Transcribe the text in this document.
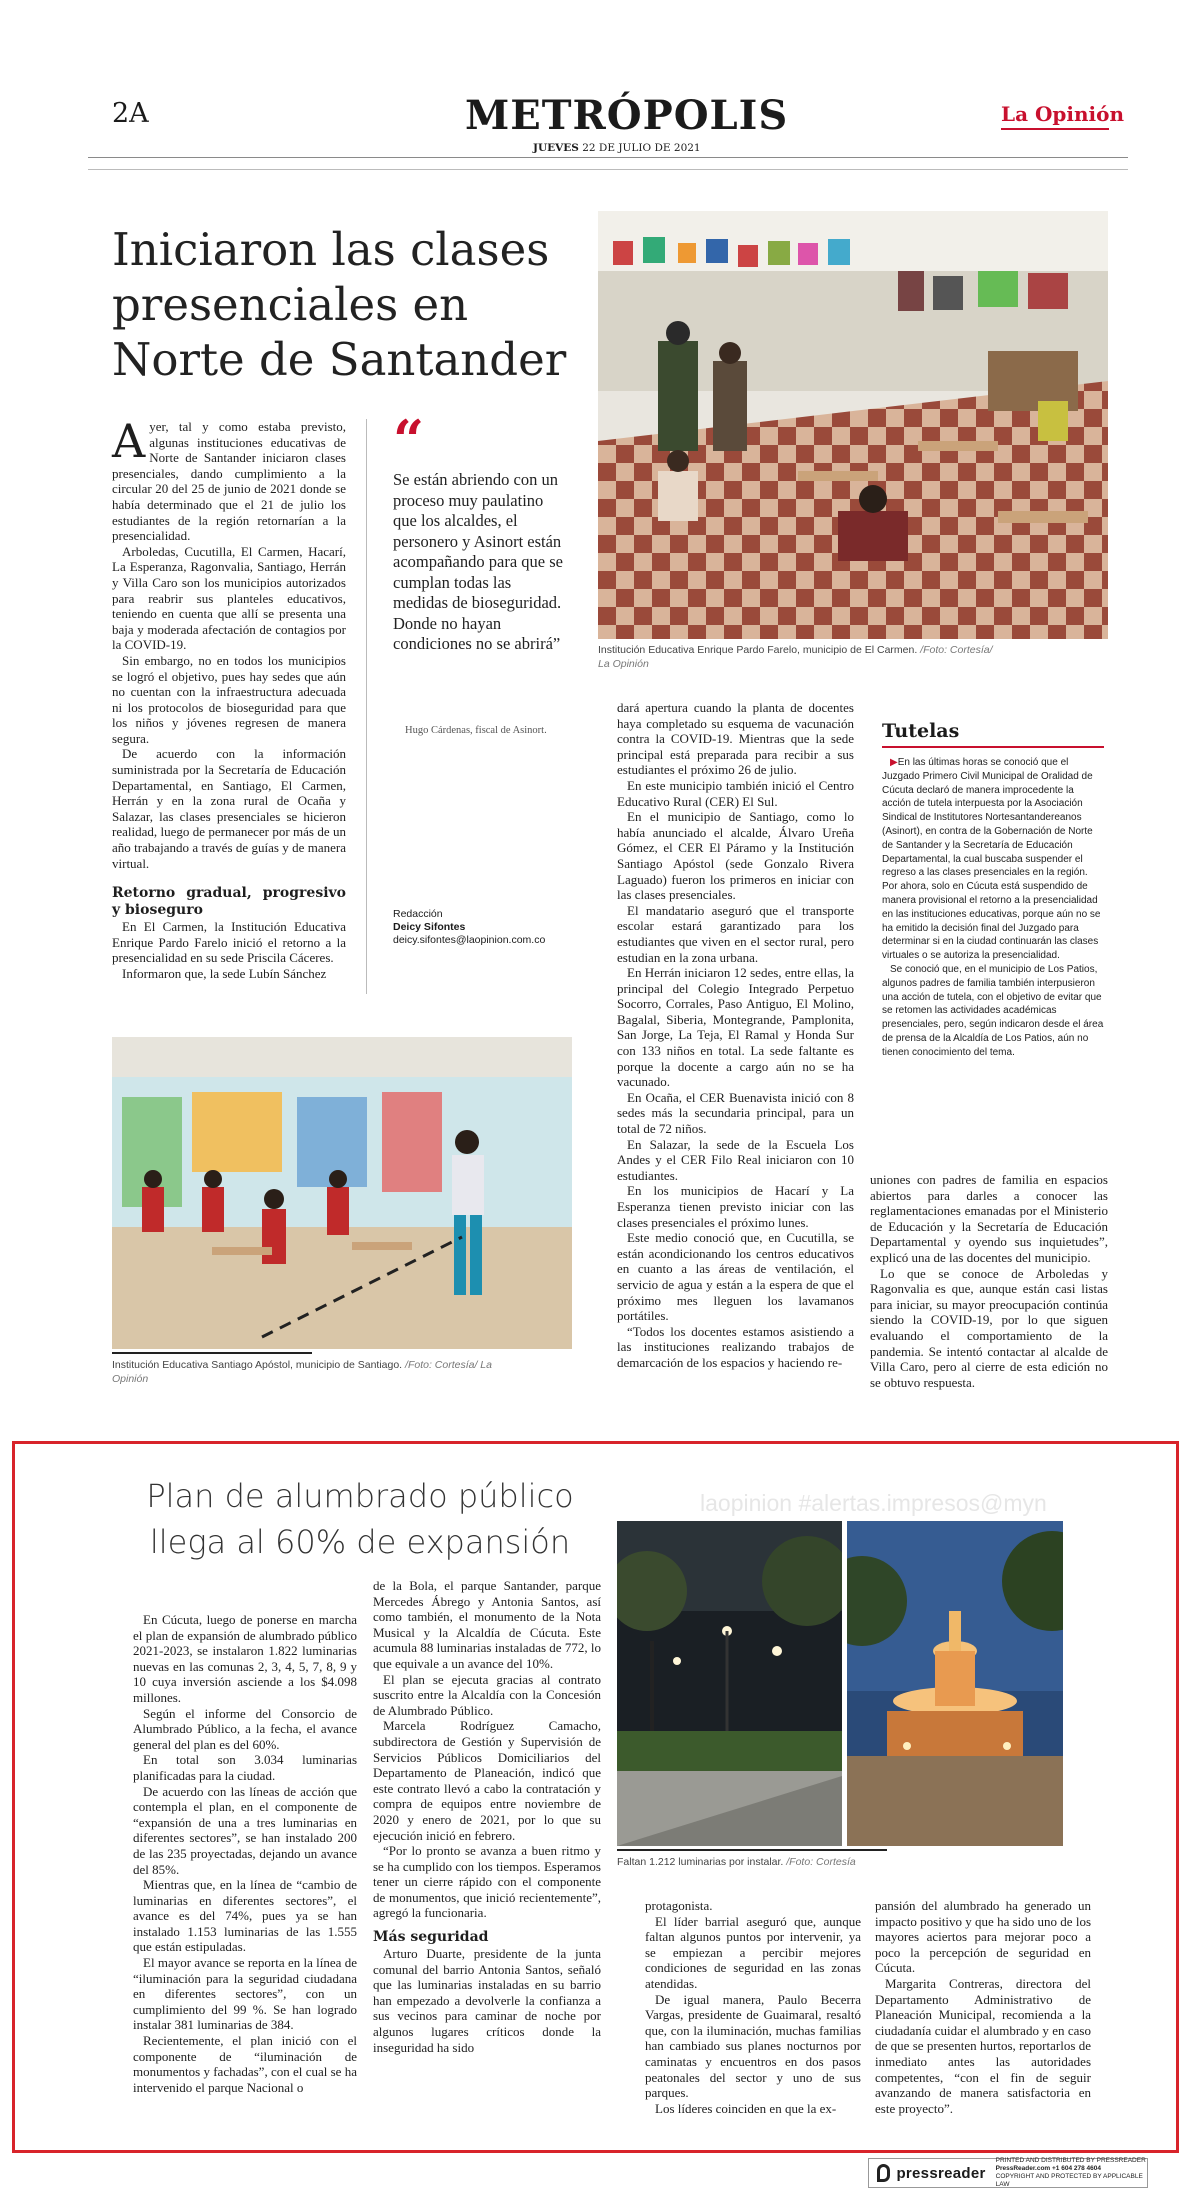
2A	METRÓPOLIS
JUEVES 22 DE JULIO DE 2021
La Opinión
Iniciaron las clases presenciales en Norte de Santander
Institución Educativa Enrique Pardo Farelo, municipio de El Carmen. /Foto: Cortesía/ La Opinión
A yer, tal y como estaba previsto, algunas instituciones educativas de Norte de Santander iniciaron clases presenciales, dando cumplimiento a la circular 20 del 25 de junio de 2021 donde se había determinado que el 21 de julio los estudiantes de la región retornarían a la presencialidad.

Arboledas, Cucutilla, El Carmen, Hacarí, La Esperanza, Ragonvalia, Santiago, Herrán y Villa Caro son los municipios autorizados para reabrir sus planteles educativos, teniendo en cuenta que allí se presenta una baja y moderada afectación de contagios por la COVID-19.

Sin embargo, no en todos los municipios se logró el objetivo, pues hay sedes que aún no cuentan con la infraestructura adecuada ni los protocolos de bioseguridad para que los niños y jóvenes regresen de manera segura.

De acuerdo con la información suministrada por la Secretaría de Educación Departamental, en Santiago, El Carmen, Herrán y en la zona rural de Ocaña y Salazar, las clases presenciales se hicieron realidad, luego de permanecer por más de un año trabajando a través de guías y de manera virtual.

Retorno gradual, progresivo y bioseguro

En El Carmen, la Institución Educativa Enrique Pardo Farelo inició el retorno a la presencialidad en su sede Priscila Cáceres.

Informaron que, la sede Lubín Sánchez

“
Se están abriendo con un proceso muy paulatino que los alcaldes, el personero y Asinort están acompañando para que se cumplan todas las medidas de bioseguridad. Donde no hayan condiciones no se abrirá”
Hugo Cárdenas, fiscal de Asinort.
Redacción
Deicy Sifontes
deicy.sifontes@laopinion.com.co
Institución Educativa Santiago Apóstol, municipio de Santiago. /Foto: Cortesía/ La Opinión

dará apertura cuando la planta de docentes haya completado su esquema de vacunación contra la COVID-19. Mientras que la sede principal está preparada para recibir a sus estudiantes el próximo 26 de julio.

En este municipio también inició el Centro Educativo Rural (CER) El Sul.

En el municipio de Santiago, como lo había anunciado el alcalde, Álvaro Ureña Gómez, el CER El Páramo y la Institución Santiago Apóstol (sede Gonzalo Rivera Laguado) fueron los primeros en iniciar con las clases presenciales.

El mandatario aseguró que el transporte escolar estará garantizado para los estudiantes que viven en el sector rural, pero estudian en la zona urbana.

En Herrán iniciaron 12 sedes, entre ellas, la principal del Colegio Integrado Perpetuo Socorro, Corrales, Paso Antiguo, El Molino, Bagalal, Siberia, Montegrande, Pamplonita, San Jorge, La Teja, El Ramal y Honda Sur con 133 niños en total. La sede faltante es porque la docente a cargo aún no se ha vacunado.

En Ocaña, el CER Buenavista inició con 8 sedes más la secundaria principal, para un total de 72 niños.

En Salazar, la sede de la Escuela Los Andes y el CER Filo Real iniciaron con 10 estudiantes.

En los municipios de Hacarí y La Esperanza tienen previsto iniciar con las clases presenciales el próximo lunes.

Este medio conoció que, en Cucutilla, se están acondicionando los centros educativos en cuanto a las áreas de ventilación, el servicio de agua y están a la espera de que el próximo mes lleguen los lavamanos portátiles.

“Todos los docentes estamos asistiendo a las instituciones realizando trabajos de demarcación de los espacios y haciendo re-

Tutelas

▶En las últimas horas se conoció que el Juzgado Primero Civil Municipal de Oralidad de Cúcuta declaró de manera improcedente la acción de tutela interpuesta por la Asociación Sindical de Institutores Nortesantandereanos (Asinort), en contra de la Gobernación de Norte de Santander y la Secretaría de Educación Departamental, la cual buscaba suspender el regreso a las clases presenciales en la región. Por ahora, solo en Cúcuta está suspendido de manera provisional el retorno a la presencialidad en las instituciones educativas, porque aún no se ha emitido la decisión final del Juzgado para determinar si en la ciudad continuarán las clases virtuales o se autoriza la presencialidad.

Se conoció que, en el municipio de Los Patios, algunos padres de familia también interpusieron una acción de tutela, con el objetivo de evitar que se retomen las actividades académicas presenciales, pero, según indicaron desde el área de prensa de la Alcaldía de Los Patios, aún no tienen conocimiento del tema.

uniones con padres de familia en espacios abiertos para darles a conocer las reglamentaciones emanadas por el Ministerio de Educación y la Secretaría de Educación Departamental y oyendo sus inquietudes”, explicó una de las docentes del municipio.

Lo que se conoce de Arboledas y Ragonvalia es que, aunque están casi listas para iniciar, su mayor preocupación continúa siendo la COVID-19, por lo que siguen evaluando el comportamiento de la pandemia. Se intentó contactar al alcalde de Villa Caro, pero al cierre de esta edición no se obtuvo respuesta.

laopinion #alertas.impresos@myn
Plan de alumbrado público
llega al 60% de expansión
Faltan 1.212 luminarias por instalar. /Foto: Cortesía

En Cúcuta, luego de ponerse en marcha el plan de expansión de alumbrado público 2021-2023, se instalaron 1.822 luminarias nuevas en las comunas 2, 3, 4, 5, 7, 8, 9 y 10 cuya inversión asciende a los $4.098 millones.

Según el informe del Consorcio de Alumbrado Público, a la fecha, el avance general del plan es del 60%.

En total son 3.034 luminarias planificadas para la ciudad.

De acuerdo con las líneas de acción que contempla el plan, en el componente de “expansión de una a tres luminarias en diferentes sectores”, se han instalado 200 de las 235 proyectadas, dejando un avance del 85%.

Mientras que, en la línea de “cambio de luminarias en diferentes sectores”, el avance es del 74%, pues ya se han instalado 1.153 luminarias de las 1.555 que están estipuladas.

El mayor avance se reporta en la línea de “iluminación para la seguridad ciudadana en diferentes sectores”, con un cumplimiento del 99 %. Se han logrado instalar 381 luminarias de 384.

Recientemente, el plan inició con el componente de “iluminación de monumentos y fachadas”, con el cual se ha intervenido el parque Nacional o

de la Bola, el parque Santander, parque Mercedes Ábrego y Antonia Santos, así como también, el monumento de la Nota Musical y la Alcaldía de Cúcuta. Este acumula 88 luminarias instaladas de 772, lo que equivale a un avance del 10%.

El plan se ejecuta gracias al contrato suscrito entre la Alcaldía con la Concesión de Alumbrado Público.

Marcela Rodríguez Camacho, subdirectora de Gestión y Supervisión de Servicios Públicos Domiciliarios del Departamento de Planeación, indicó que este contrato llevó a cabo la contratación y compra de equipos entre noviembre de 2020 y enero de 2021, por lo que su ejecución inició en febrero.

“Por lo pronto se avanza a buen ritmo y se ha cumplido con los tiempos. Esperamos tener un cierre rápido con el componente de monumentos, que inició recientemente”, agregó la funcionaria.

Más seguridad

Arturo Duarte, presidente de la junta comunal del barrio Antonia Santos, señaló que las luminarias instaladas en su barrio han empezado a devolverle la confianza a sus vecinos para caminar de noche por algunos lugares críticos donde la inseguridad ha sido

protagonista.

El líder barrial aseguró que, aunque faltan algunos puntos por intervenir, ya se empiezan a percibir mejores condiciones de seguridad en las zonas atendidas.

De igual manera, Paulo Becerra Vargas, presidente de Guaimaral, resaltó que, con la iluminación, muchas familias han cambiado sus planes nocturnos por caminatas y encuentros en dos pasos peatonales del sector y uno de sus parques.

Los líderes coinciden en que la ex-

pansión del alumbrado ha generado un impacto positivo y que ha sido uno de los mayores aciertos para mejorar poco a poco la percepción de seguridad en Cúcuta.

Margarita Contreras, directora del Departamento Administrativo de Planeación Municipal, recomienda a la ciudadanía cuidar el alumbrado y en caso de que se presenten hurtos, reportarlos de inmediato antes las autoridades competentes, “con el fin de seguir avanzando de manera satisfactoria en este proyecto”.

pressreader
PRINTED AND DISTRIBUTED BY PRESSREADER
PressReader.com +1 604 278 4604
COPYRIGHT AND PROTECTED BY APPLICABLE LAW
